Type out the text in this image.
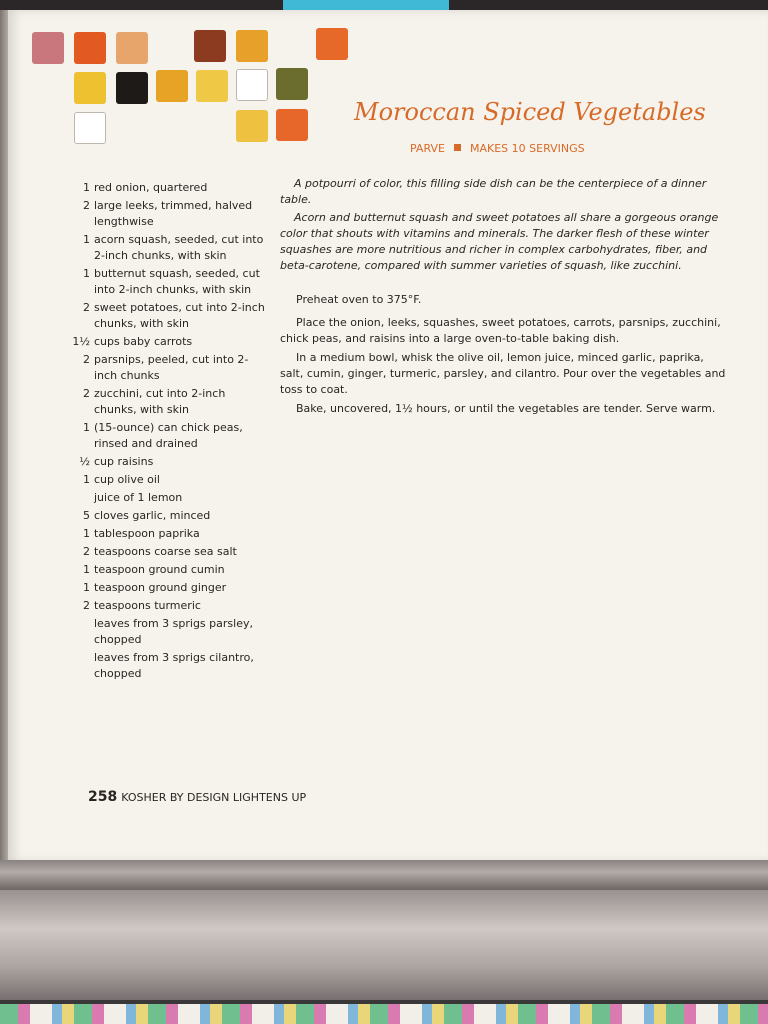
Moroccan Spiced Vegetables
PARVE MAKES 10 SERVINGS
1 red onion, quartered
2 large leeks, trimmed, halved lengthwise
1 acorn squash, seeded, cut into 2-inch chunks, with skin
1 butternut squash, seeded, cut into 2-inch chunks, with skin
2 sweet potatoes, cut into 2-inch chunks, with skin
1½ cups baby carrots
2 parsnips, peeled, cut into 2-inch chunks
2 zucchini, cut into 2-inch chunks, with skin
1 (15-ounce) can chick peas, rinsed and drained
½ cup raisins
1 cup olive oil
juice of 1 lemon
5 cloves garlic, minced
1 tablespoon paprika
2 teaspoons coarse sea salt
1 teaspoon ground cumin
1 teaspoon ground ginger
2 teaspoons turmeric
leaves from 3 sprigs parsley, chopped
leaves from 3 sprigs cilantro, chopped

A potpourri of color, this filling side dish can be the centerpiece of a dinner table.

Acorn and butternut squash and sweet potatoes all share a gorgeous orange color that shouts with vitamins and minerals. The darker flesh of these winter squashes are more nutritious and richer in complex carbohydrates, fiber, and beta-carotene, compared with summer varieties of squash, like zucchini.

Preheat oven to 375°F.

Place the onion, leeks, squashes, sweet potatoes, carrots, parsnips, zucchini, chick peas, and raisins into a large oven-to-table baking dish.

In a medium bowl, whisk the olive oil, lemon juice, minced garlic, paprika, salt, cumin, ginger, turmeric, parsley, and cilantro. Pour over the vegetables and toss to coat.

Bake, uncovered, 1½ hours, or until the vegetables are tender. Serve warm.

258 KOSHER BY DESIGN LIGHTENS UP
